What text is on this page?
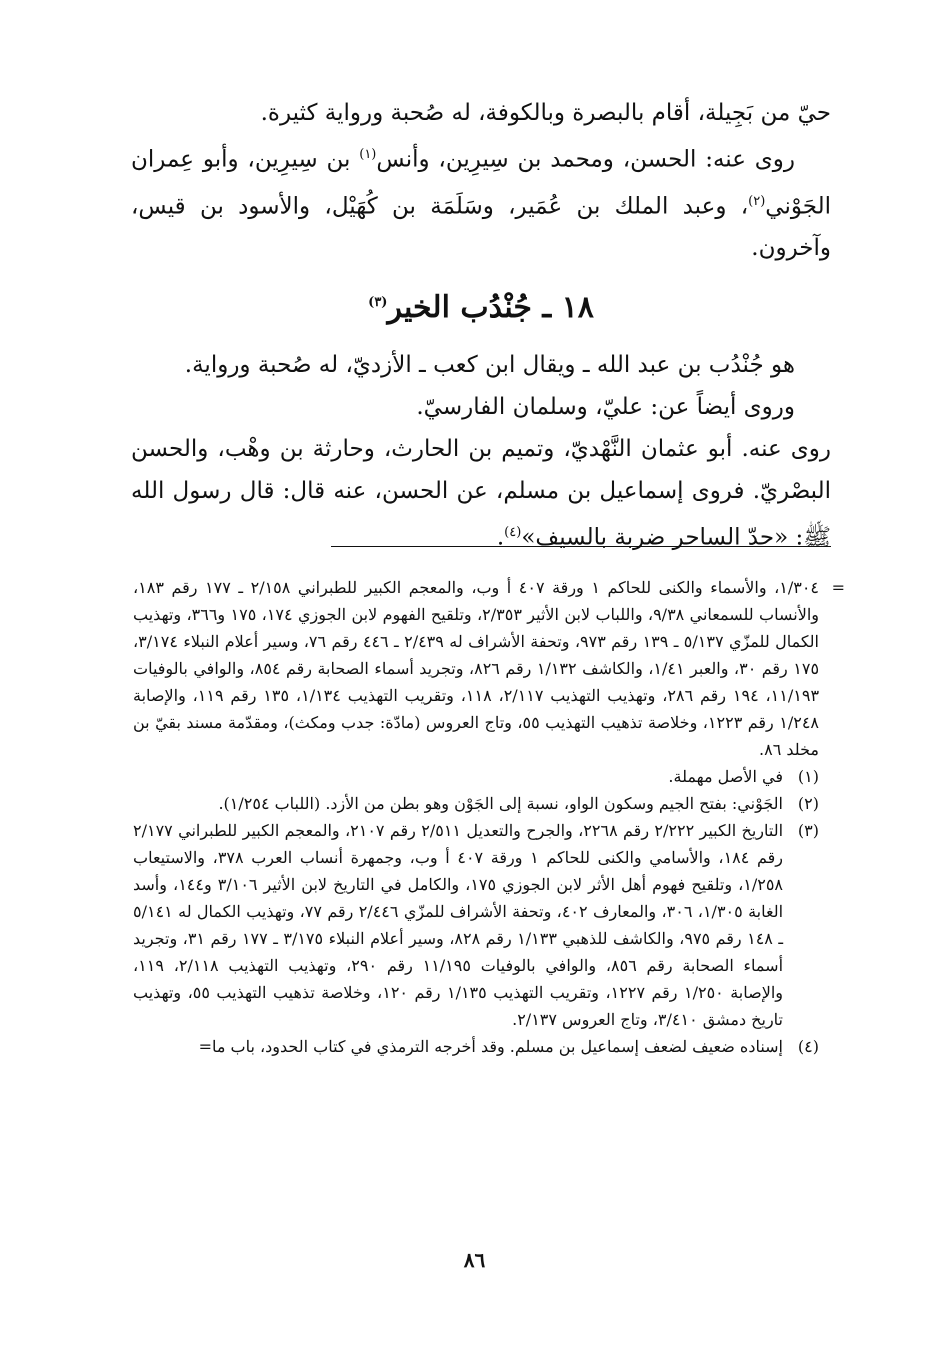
حيّ من بَجِيلة، أقام بالبصرة وبالكوفة، له صُحبة ورواية كثيرة.

روى عنه: الحسن، ومحمد بن سِيرِين، وأنس$^{(١)}$ بن سِيرِين، وأبو عِمران الجَوْني$^{(٢)}$، وعبد الملك بن عُمَير، وسَلَمَة بن كُهَيْل، والأسود بن قيس، وآخرون.

١٨ ـ جُنْدُب الخير$^{(٣)}$

هو جُنْدُب بن عبد الله ـ ويقال ابن كعب ـ الأزديّ، له صُحبة ورواية.

وروى أيضاً عن: عليّ، وسلمان الفارسيّ.

روى عنه. أبو عثمان النَّهْديّ، وتميم بن الحارث، وحارثة بن وهْب، والحسن البصْريّ. فروى إسماعيل بن مسلم، عن الحسن، عنه قال: قال رسول الله ﷺ: «حدّ الساحر ضربة بالسيف»$^{(٤)}$.

=
١/٣٠٤، والأسماء والكنى للحاكم ١ ورقة ٤٠٧ أ وب، والمعجم الكبير للطبراني ٢/١٥٨ ـ ١٧٧ رقم ١٨٣، والأنساب للسمعاني ٩/٣٨، واللباب لابن الأثير ٢/٣٥٣، وتلقيح الفهوم لابن الجوزي ١٧٤، ١٧٥ و٣٦٦، وتهذيب الكمال للمزّي ٥/١٣٧ ـ ١٣٩ رقم ٩٧٣، وتحفة الأشراف له ٢/٤٣٩ ـ ٤٤٦ رقم ٧٦، وسير أعلام النبلاء ٣/١٧٤، ١٧٥ رقم ٣٠، والعبر ١/٤١، والكاشف ١/١٣٢ رقم ٨٢٦، وتجريد أسماء الصحابة رقم ٨٥٤، والوافي بالوفيات ١١/١٩٣، ١٩٤ رقم ٢٨٦، وتهذيب التهذيب ٢/١١٧، ١١٨، وتقريب التهذيب ١/١٣٤، ١٣٥ رقم ١١٩، والإصابة ١/٢٤٨ رقم ١٢٢٣، وخلاصة تذهيب التهذيب ٥٥، وتاج العروس (مادّة: جدب ومكث)، ومقدّمة مسند بقيّ بن مخلد ٨٦.

(١)
في الأصل مهملة.

(٢)
الجَوْني: بفتح الجيم وسكون الواو، نسبة إلى الجَوْن وهو بطن من الأزد. (اللباب ١/٢٥٤).

(٣)
التاريخ الكبير ٢/٢٢٢ رقم ٢٢٦٨، والجرح والتعديل ٢/٥١١ رقم ٢١٠٧، والمعجم الكبير للطبراني ٢/١٧٧ رقم ١٨٤، والأسامي والكنى للحاكم ١ ورقة ٤٠٧ أ وب، وجمهرة أنساب العرب ٣٧٨، والاستيعاب ١/٢٥٨، وتلقيح فهوم أهل الأثر لابن الجوزي ١٧٥، والكامل في التاريخ لابن الأثير ٣/١٠٦ و١٤٤، وأسد الغابة ١/٣٠٥، ٣٠٦، والمعارف ٤٠٢، وتحفة الأشراف للمزّي ٢/٤٤٦ رقم ٧٧، وتهذيب الكمال له ٥/١٤١ ـ ١٤٨ رقم ٩٧٥، والكاشف للذهبي ١/١٣٣ رقم ٨٢٨، وسير أعلام النبلاء ٣/١٧٥ ـ ١٧٧ رقم ٣١، وتجريد أسماء الصحابة رقم ٨٥٦، والوافي بالوفيات ١١/١٩٥ رقم ٢٩٠، وتهذيب التهذيب ٢/١١٨، ١١٩، والإصابة ١/٢٥٠ رقم ١٢٢٧، وتقريب التهذيب ١/١٣٥ رقم ١٢٠، وخلاصة تذهيب التهذيب ٥٥، وتهذيب تاريخ دمشق ٣/٤١٠، وتاج العروس ٢/١٣٧.

(٤)
إسناده ضعيف لضعف إسماعيل بن مسلم. وقد أخرجه الترمذي في كتاب الحدود، باب ما=

٨٦
